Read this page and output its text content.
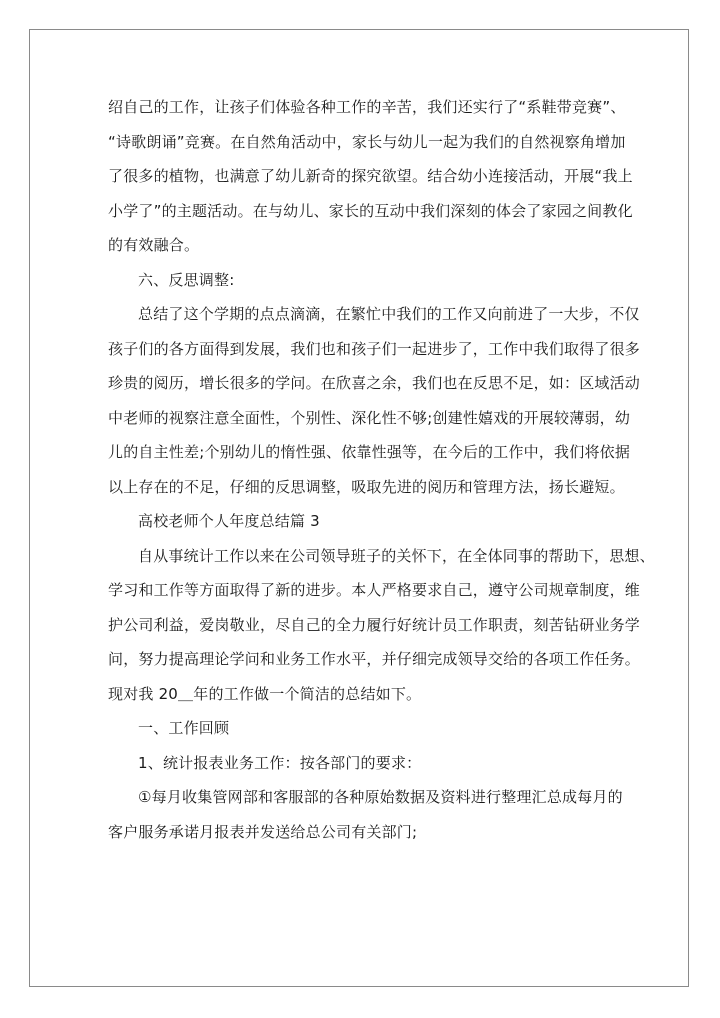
绍自己的工作，让孩子们体验各种工作的辛苦，我们还实行了“系鞋带竞赛”、
“诗歌朗诵”竞赛。在自然角活动中，家长与幼儿一起为我们的自然视察角增加
了很多的植物，也满意了幼儿新奇的探究欲望。结合幼小连接活动，开展“我上
小学了”的主题活动。在与幼儿、家长的互动中我们深刻的体会了家园之间教化
的有效融合。

六、反思调整:

总结了这个学期的点点滴滴，在繁忙中我们的工作又向前进了一大步，不仅
孩子们的各方面得到发展，我们也和孩子们一起进步了，工作中我们取得了很多
珍贵的阅历，增长很多的学问。在欣喜之余，我们也在反思不足，如：区域活动
中老师的视察注意全面性，个别性、深化性不够;创建性嬉戏的开展较薄弱，幼
儿的自主性差;个别幼儿的惰性强、依靠性强等，在今后的工作中，我们将依据
以上存在的不足，仔细的反思调整，吸取先进的阅历和管理方法，扬长避短。

高校老师个人年度总结篇 3

自从事统计工作以来在公司领导班子的关怀下，在全体同事的帮助下，思想、
学习和工作等方面取得了新的进步。本人严格要求自己，遵守公司规章制度，维
护公司利益，爱岗敬业，尽自己的全力履行好统计员工作职责，刻苦钻研业务学
问，努力提高理论学问和业务工作水平，并仔细完成领导交给的各项工作任务。
现对我 20＿年的工作做一个简洁的总结如下。

一、工作回顾

1、统计报表业务工作：按各部门的要求：

①每月收集管网部和客服部的各种原始数据及资料进行整理汇总成每月的
客户服务承诺月报表并发送给总公司有关部门;
